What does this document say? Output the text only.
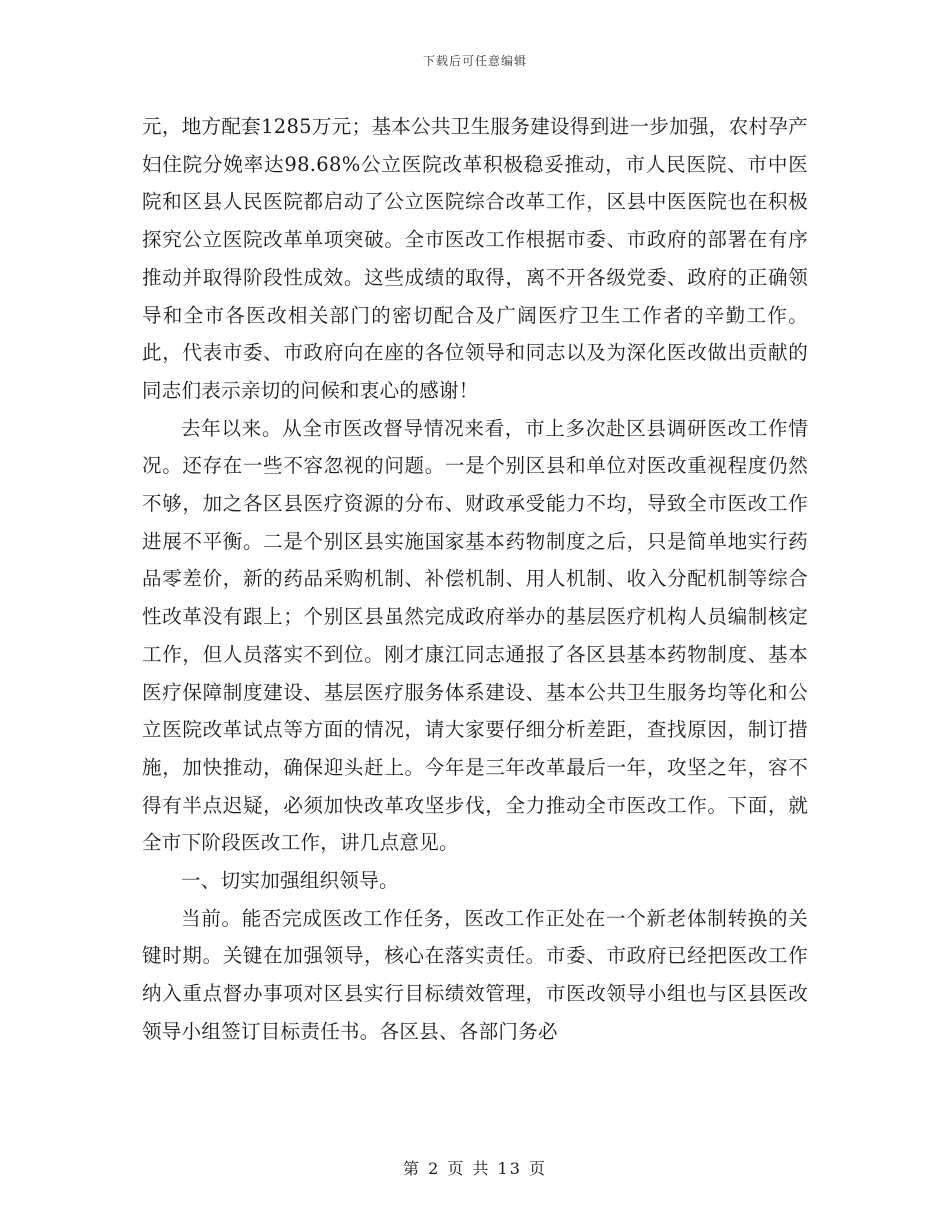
下载后可任意编辑

元，地方配套1285万元；基本公共卫生服务建设得到进一步加强，农村孕产妇住院分娩率达98.68%公立医院改革积极稳妥推动，市人民医院、市中医院和区县人民医院都启动了公立医院综合改革工作，区县中医医院也在积极探究公立医院改革单项突破。全市医改工作根据市委、市政府的部署在有序推动并取得阶段性成效。这些成绩的取得，离不开各级党委、政府的正确领导和全市各医改相关部门的密切配合及广阔医疗卫生工作者的辛勤工作。此，代表市委、市政府向在座的各位领导和同志以及为深化医改做出贡献的同志们表示亲切的问候和衷心的感谢！

去年以来。从全市医改督导情况来看，市上多次赴区县调研医改工作情况。还存在一些不容忽视的问题。一是个别区县和单位对医改重视程度仍然不够，加之各区县医疗资源的分布、财政承受能力不均，导致全市医改工作进展不平衡。二是个别区县实施国家基本药物制度之后，只是简单地实行药品零差价，新的药品采购机制、补偿机制、用人机制、收入分配机制等综合性改革没有跟上；个别区县虽然完成政府举办的基层医疗机构人员编制核定工作，但人员落实不到位。刚才康江同志通报了各区县基本药物制度、基本医疗保障制度建设、基层医疗服务体系建设、基本公共卫生服务均等化和公立医院改革试点等方面的情况，请大家要仔细分析差距，查找原因，制订措施，加快推动，确保迎头赶上。今年是三年改革最后一年，攻坚之年，容不得有半点迟疑，必须加快改革攻坚步伐，全力推动全市医改工作。下面，就全市下阶段医改工作，讲几点意见。

一、切实加强组织领导。

当前。能否完成医改工作任务，医改工作正处在一个新老体制转换的关键时期。关键在加强领导，核心在落实责任。市委、市政府已经把医改工作纳入重点督办事项对区县实行目标绩效管理，市医改领导小组也与区县医改领导小组签订目标责任书。各区县、各部门务必

第 2 页 共 13 页
